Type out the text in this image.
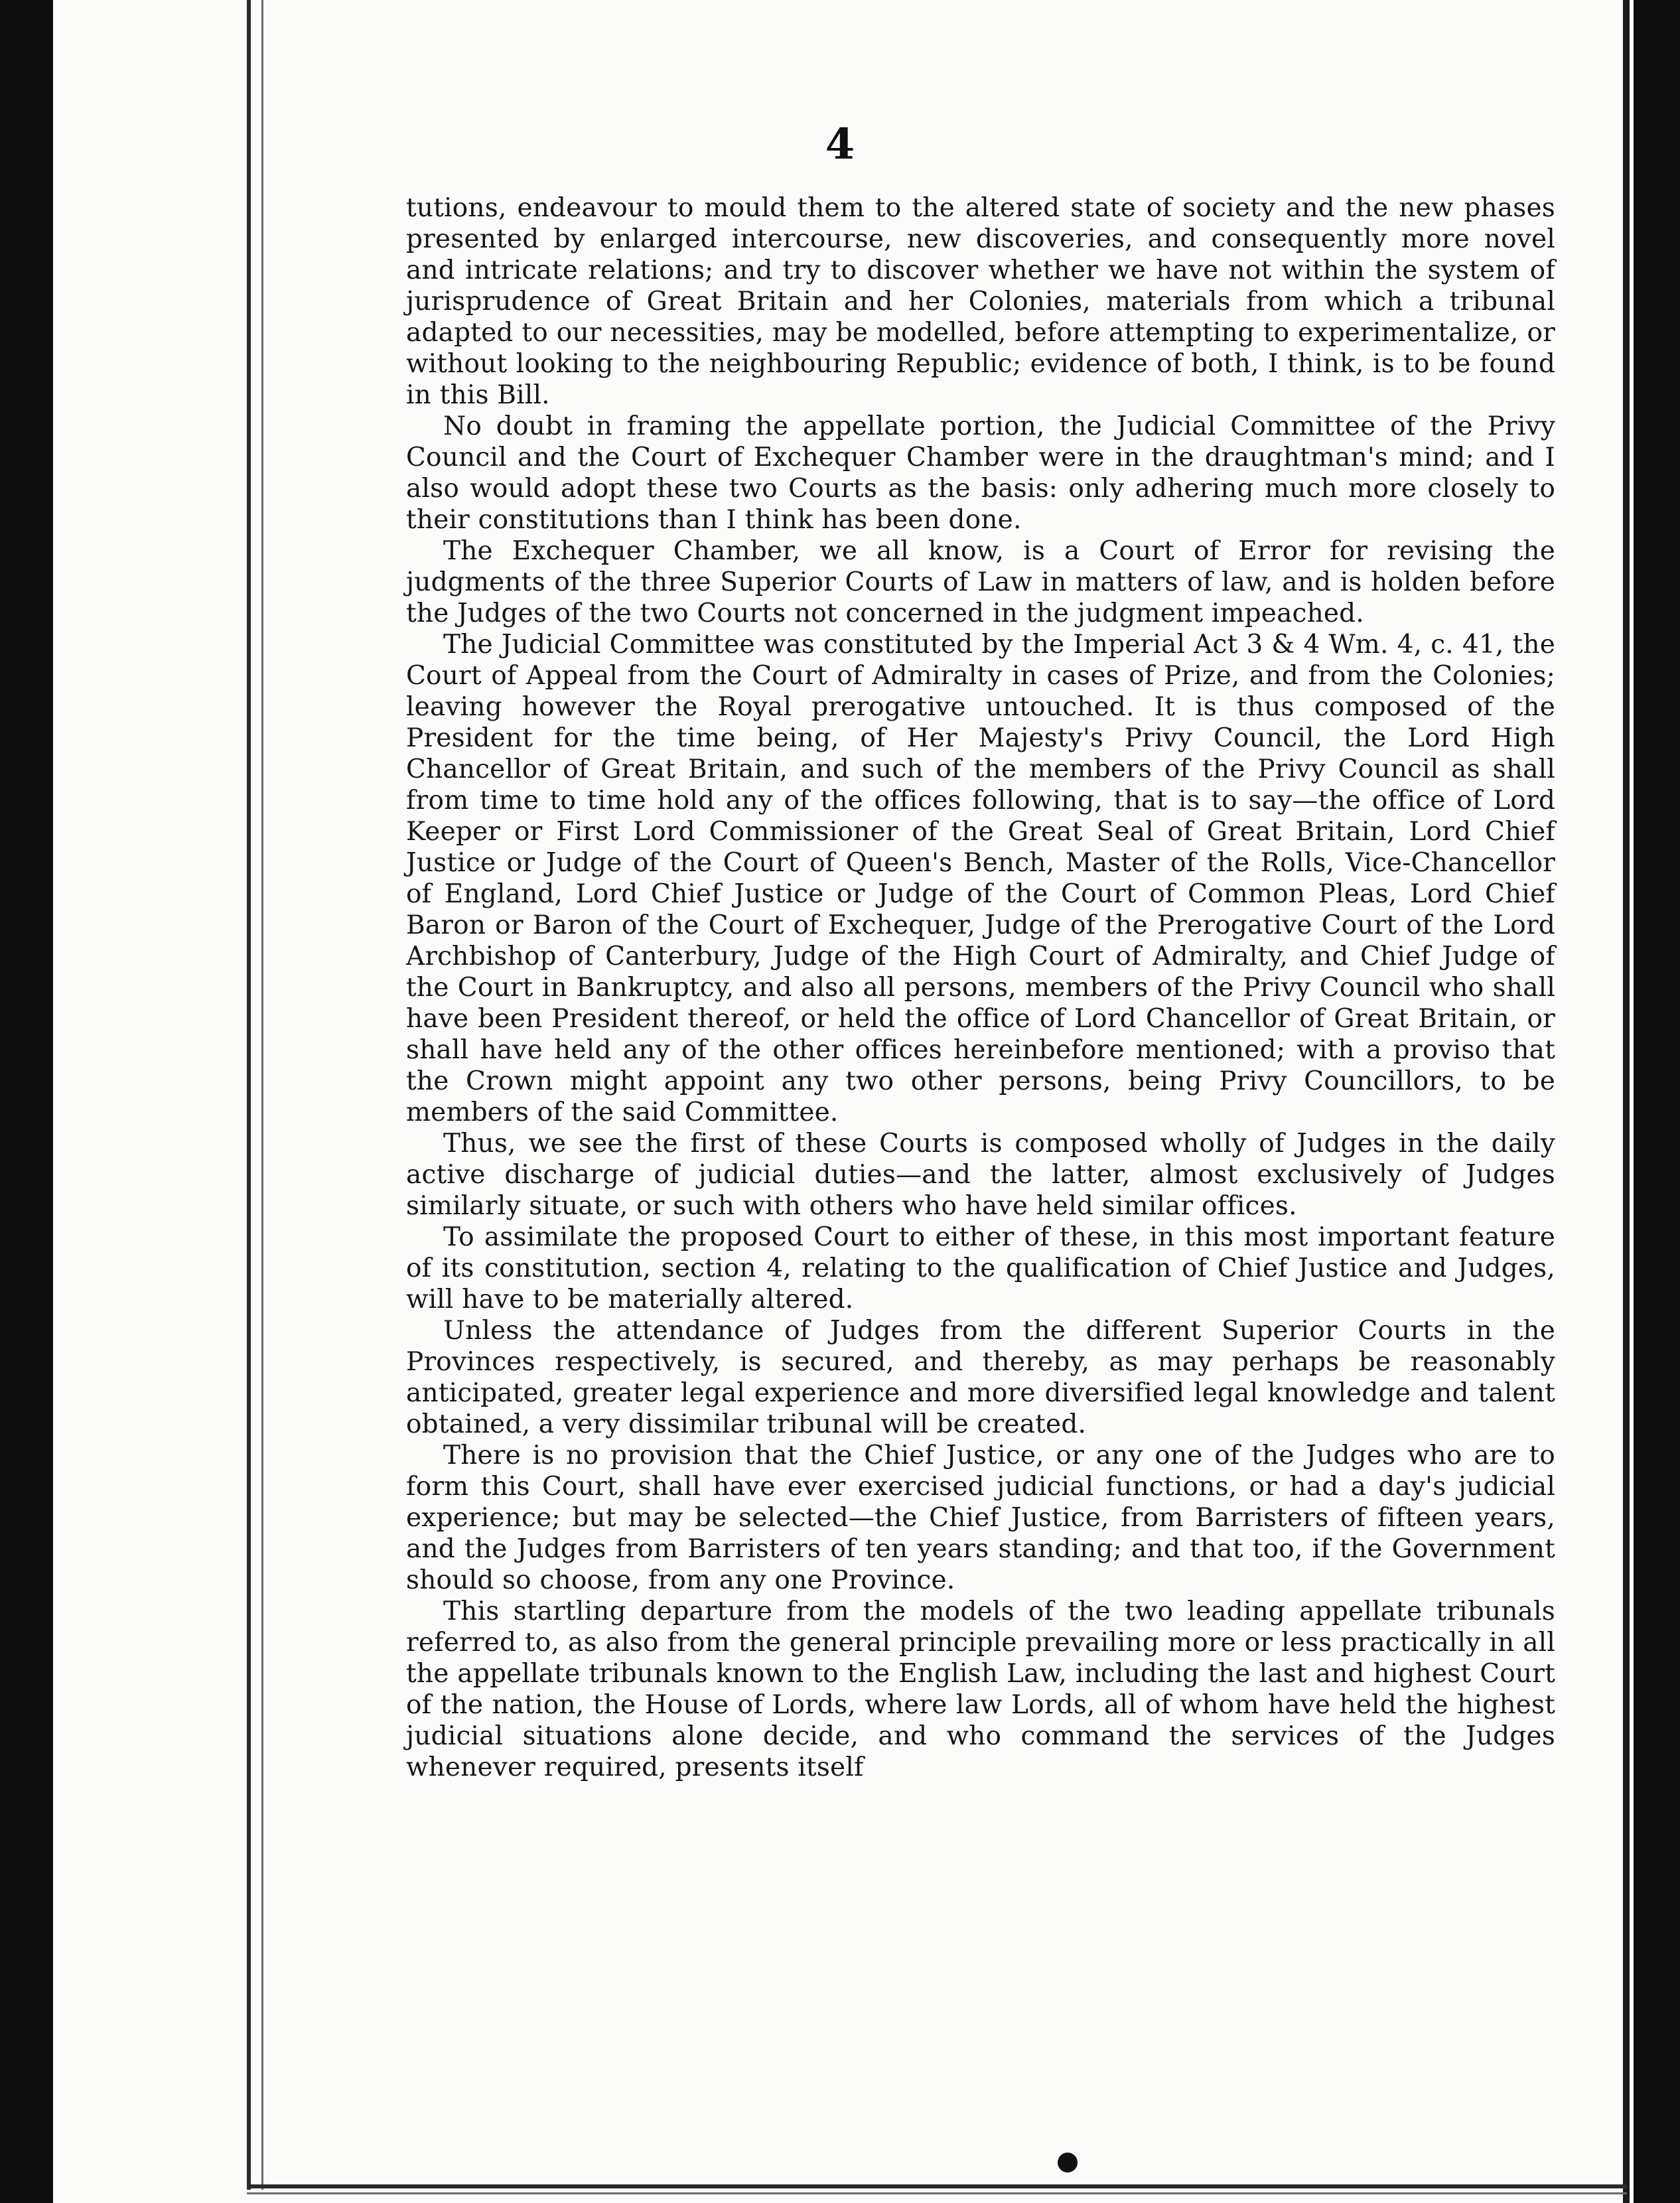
4

tutions, endeavour to mould them to the altered state of society and the new phases presented by enlarged intercourse, new discoveries, and consequently more novel and intricate relations; and try to discover whether we have not within the system of jurisprudence of Great Britain and her Colonies, materials from which a tribunal adapted to our necessities, may be modelled, before attempting to experimentalize, or without looking to the neighbouring Republic; evidence of both, I think, is to be found in this Bill.

No doubt in framing the appellate portion, the Judicial Committee of the Privy Council and the Court of Exchequer Chamber were in the draughtman's mind; and I also would adopt these two Courts as the basis: only adhering much more closely to their constitutions than I think has been done.

The Exchequer Chamber, we all know, is a Court of Error for revising the judgments of the three Superior Courts of Law in matters of law, and is holden before the Judges of the two Courts not concerned in the judgment impeached.

The Judicial Committee was constituted by the Imperial Act 3 & 4 Wm. 4, c. 41, the Court of Appeal from the Court of Admiralty in cases of Prize, and from the Colonies; leaving however the Royal prerogative untouched. It is thus composed of the President for the time being, of Her Majesty's Privy Council, the Lord High Chancellor of Great Britain, and such of the members of the Privy Council as shall from time to time hold any of the offices following, that is to say—the office of Lord Keeper or First Lord Commissioner of the Great Seal of Great Britain, Lord Chief Justice or Judge of the Court of Queen's Bench, Master of the Rolls, Vice-Chancellor of England, Lord Chief Justice or Judge of the Court of Common Pleas, Lord Chief Baron or Baron of the Court of Exchequer, Judge of the Prerogative Court of the Lord Archbishop of Canterbury, Judge of the High Court of Admiralty, and Chief Judge of the Court in Bankruptcy, and also all persons, members of the Privy Council who shall have been President thereof, or held the office of Lord Chancellor of Great Britain, or shall have held any of the other offices hereinbefore mentioned; with a proviso that the Crown might appoint any two other persons, being Privy Councillors, to be members of the said Committee.

Thus, we see the first of these Courts is composed wholly of Judges in the daily active discharge of judicial duties—and the latter, almost exclusively of Judges similarly situate, or such with others who have held similar offices.

To assimilate the proposed Court to either of these, in this most important feature of its constitution, section 4, relating to the qualification of Chief Justice and Judges, will have to be materially altered.

Unless the attendance of Judges from the different Superior Courts in the Provinces respectively, is secured, and thereby, as may perhaps be reasonably anticipated, greater legal experience and more diversified legal knowledge and talent obtained, a very dissimilar tribunal will be created.

There is no provision that the Chief Justice, or any one of the Judges who are to form this Court, shall have ever exercised judicial functions, or had a day's judicial experience; but may be selected—the Chief Justice, from Barristers of fifteen years, and the Judges from Barristers of ten years standing; and that too, if the Government should so choose, from any one Province.

This startling departure from the models of the two leading appellate tribunals referred to, as also from the general principle prevailing more or less practically in all the appellate tribunals known to the English Law, including the last and highest Court of the nation, the House of Lords, where law Lords, all of whom have held the highest judicial situations alone decide, and who command the services of the Judges whenever required, presents itself
